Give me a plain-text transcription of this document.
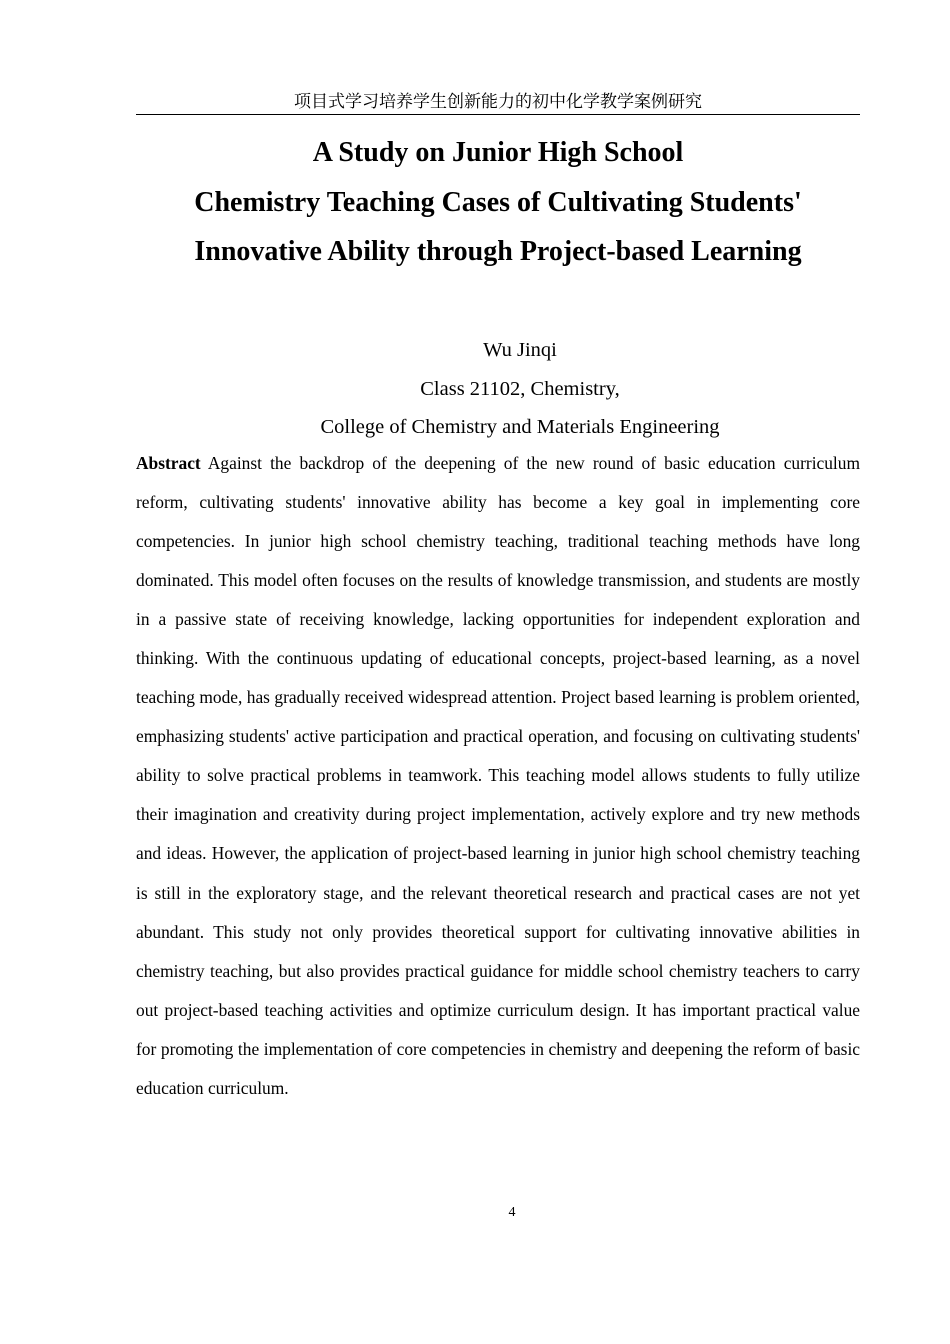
项目式学习培养学生创新能力的初中化学教学案例研究
A Study on Junior High School
Chemistry Teaching Cases of Cultivating Students'
Innovative Ability through Project-based Learning
Wu Jinqi
Class 21102, Chemistry,
College of Chemistry and Materials Engineering

Abstract Against the backdrop of the deepening of the new round of basic education curriculum reform, cultivating students' innovative ability has become a key goal in implementing core competencies. In junior high school chemistry teaching, traditional teaching methods have long dominated. This model often focuses on the results of knowledge transmission, and students are mostly in a passive state of receiving knowledge, lacking opportunities for independent exploration and thinking. With the continuous updating of educational concepts, project-based learning, as a novel teaching mode, has gradually received widespread attention. Project based learning is problem oriented, emphasizing students' active participation and practical operation, and focusing on cultivating students' ability to solve practical problems in teamwork. This teaching model allows students to fully utilize their imagination and creativity during project implementation, actively explore and try new methods and ideas. However, the application of project-based learning in junior high school chemistry teaching is still in the exploratory stage, and the relevant theoretical research and practical cases are not yet abundant. This study not only provides theoretical support for cultivating innovative abilities in chemistry teaching, but also provides practical guidance for middle school chemistry teachers to carry out project-based teaching activities and optimize curriculum design. It has important practical value for promoting the implementation of core competencies in chemistry and deepening the reform of basic education curriculum.

4
